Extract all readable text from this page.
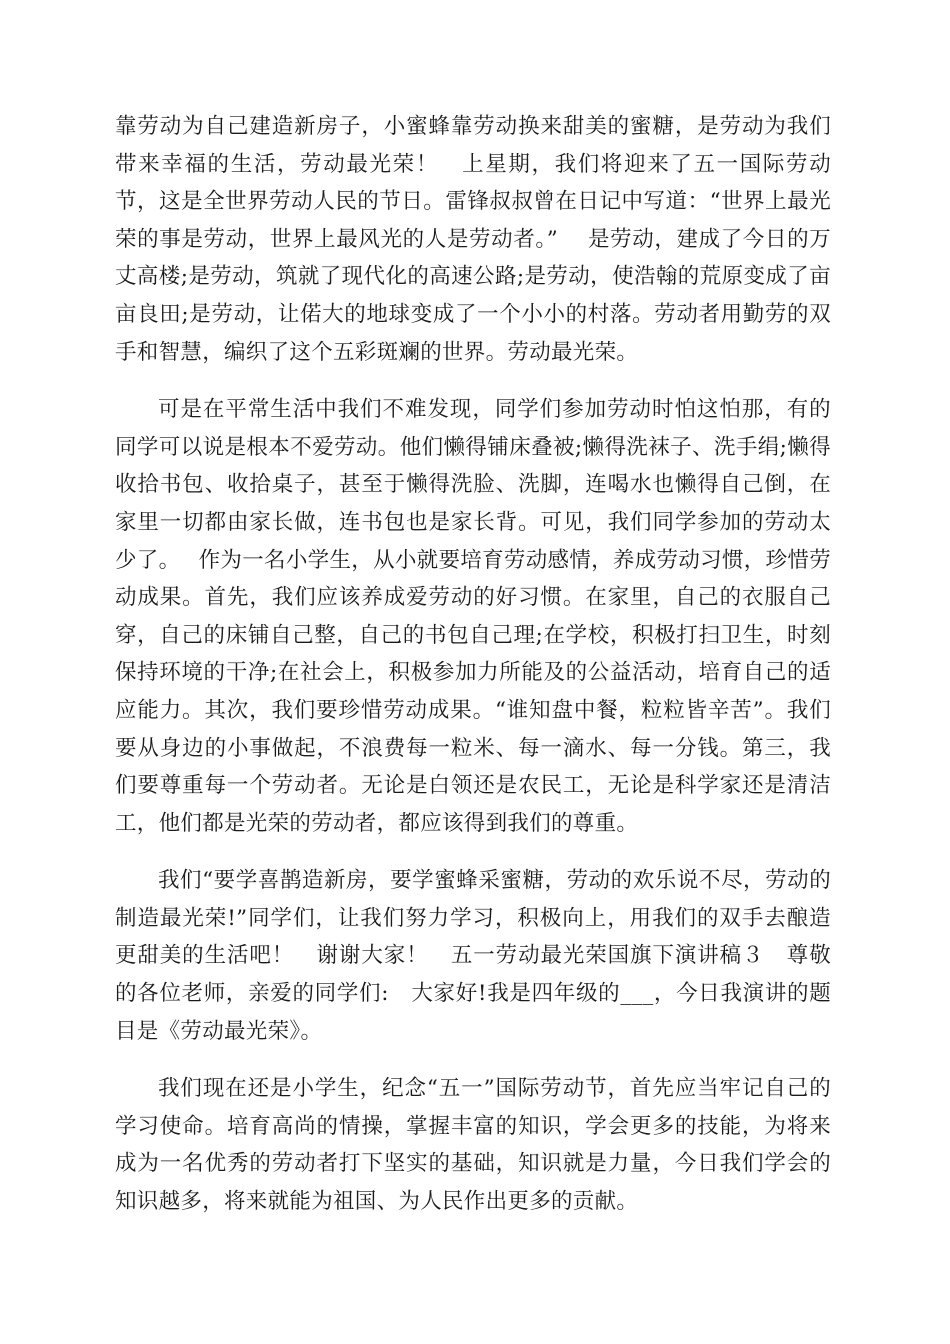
靠劳动为自己建造新房子，小蜜蜂靠劳动换来甜美的蜜糖，是劳动为我们带来幸福的生活，劳动最光荣！　上星期，我们将迎来了五一国际劳动节，这是全世界劳动人民的节日。雷锋叔叔曾在日记中写道：“世界上最光荣的事是劳动，世界上最风光的人是劳动者。”　 是劳动，建成了今日的万丈高楼;是劳动，筑就了现代化的高速公路;是劳动，使浩翰的荒原变成了亩亩良田;是劳动，让偌大的地球变成了一个小小的村落。劳动者用勤劳的双手和智慧，编织了这个五彩斑斓的世界。劳动最光荣。

可是在平常生活中我们不难发现，同学们参加劳动时怕这怕那，有的同学可以说是根本不爱劳动。他们懒得铺床叠被;懒得洗袜子、洗手绢;懒得收拾书包、收拾桌子，甚至于懒得洗脸、洗脚，连喝水也懒得自己倒，在家里一切都由家长做，连书包也是家长背。可见，我们同学参加的劳动太少了。　 作为一名小学生，从小就要培育劳动感情，养成劳动习惯，珍惜劳动成果。首先，我们应该养成爱劳动的好习惯。在家里，自己的衣服自己穿，自己的床铺自己整，自己的书包自己理;在学校，积极打扫卫生，时刻保持环境的干净;在社会上，积极参加力所能及的公益活动，培育自己的适应能力。其次，我们要珍惜劳动成果。“谁知盘中餐，粒粒皆辛苦”。我们要从身边的小事做起，不浪费每一粒米、每一滴水、每一分钱。第三，我们要尊重每一个劳动者。无论是白领还是农民工，无论是科学家还是清洁工，他们都是光荣的劳动者，都应该得到我们的尊重。

我们“要学喜鹊造新房，要学蜜蜂采蜜糖，劳动的欢乐说不尽，劳动的制造最光荣!”同学们，让我们努力学习，积极向上，用我们的双手去酿造更甜美的生活吧！　谢谢大家！　五一劳动最光荣国旗下演讲稿３　尊敬的各位老师，亲爱的同学们:　大家好!我是四年级的___，今日我演讲的题目是《劳动最光荣》。

我们现在还是小学生，纪念“五一”国际劳动节，首先应当牢记自己的学习使命。培育高尚的情操，掌握丰富的知识，学会更多的技能，为将来成为一名优秀的劳动者打下坚实的基础，知识就是力量，今日我们学会的知识越多，将来就能为祖国、为人民作出更多的贡献。
